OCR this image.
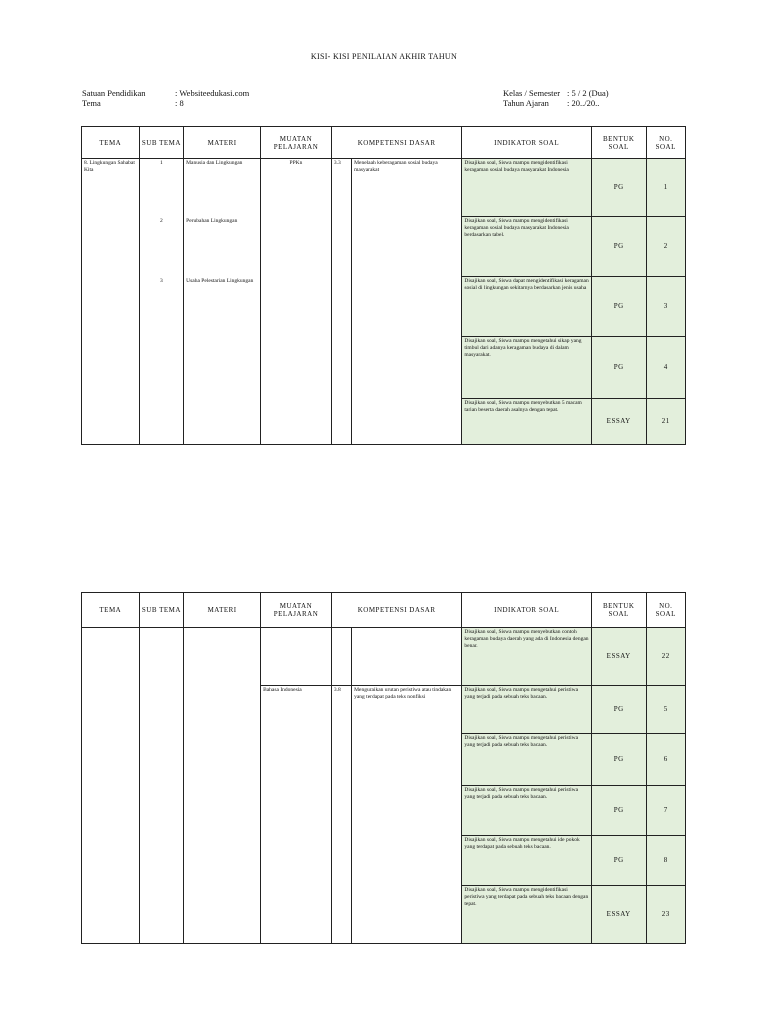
KISI- KISI PENILAIAN AKHIR TAHUN
Satuan Pendidikan	: Websiteedukasi.com
Tema	: 8
Kelas / Semester : 5 / 2 (Dua)
Tahun Ajaran	: 20../20..
TEMA	SUB TEMA	MATERI	MUATAN PELAJARAN	KOMPETENSI DASAR		INDIKATOR SOAL	BENTUK SOAL	NO. SOAL
8. Lingkungan Sahabat Kita	1	Manusia dan Lingkungan	PPKn	3.3	Menelaah keberagaman sosial budaya masyarakat	Disajikan soal, Siswa mampu mengidentifikasi keragaman sosial budaya masyarakat Indonesia	PG	1
	2	Perubahan Lingkungan				Disajikan soal, Siswa mampu mengidentifikasi keragaman sosial budaya masyarakat Indonesia berdasarkan tabel.	PG	2
	3	Usaha Pelestarian Lingkungan				Disajikan soal, Siswa dapat mengidentifikasi keragaman sosial di lingkungan sekitarnya berdasarkan jenis usaha	PG	3
						Disajikan soal, Siswa mampu mengetahui sikap yang timbul dari adanya keragaman budaya di dalam masyarakat.	PG	4
						Disajikan soal, Siswa mampu menyebutkan 5 macam tarian beserta daerah asalnya dengan tepat.	ESSAY	21
TEMA	SUB TEMA	MATERI	MUATAN PELAJARAN	KOMPETENSI DASAR		INDIKATOR SOAL	BENTUK SOAL	NO. SOAL
						Disajikan soal, Siswa mampu menyebutkan contoh keragaman budaya daerah yang ada di Indonesia dengan benar.	ESSAY	22
			Bahasa Indonesia	3.8	Menguraikan urutan peristiwa atau tindakan yang terdapat pada teks nonfiksi	Disajikan soal, Siswa mampu mengetahui peristiwa yang terjadi pada sebuah teks bacaan.	PG	5
						Disajikan soal, Siswa mampu mengetahui peristiwa yang terjadi pada sebuah teks bacaan.	PG	6
						Disajikan soal, Siswa mampu mengetahui peristiwa yang terjadi pada sebuah teks bacaan.	PG	7
						Disajikan soal, Siswa mampu mengetahui ide pokok yang terdapat pada sebuah teks bacaan.	PG	8
						Disajikan soal, Siswa mampu mengidentifikasi peristiwa yang terdapat pada sebuah teks bacaan dengan tepat.	ESSAY	23
